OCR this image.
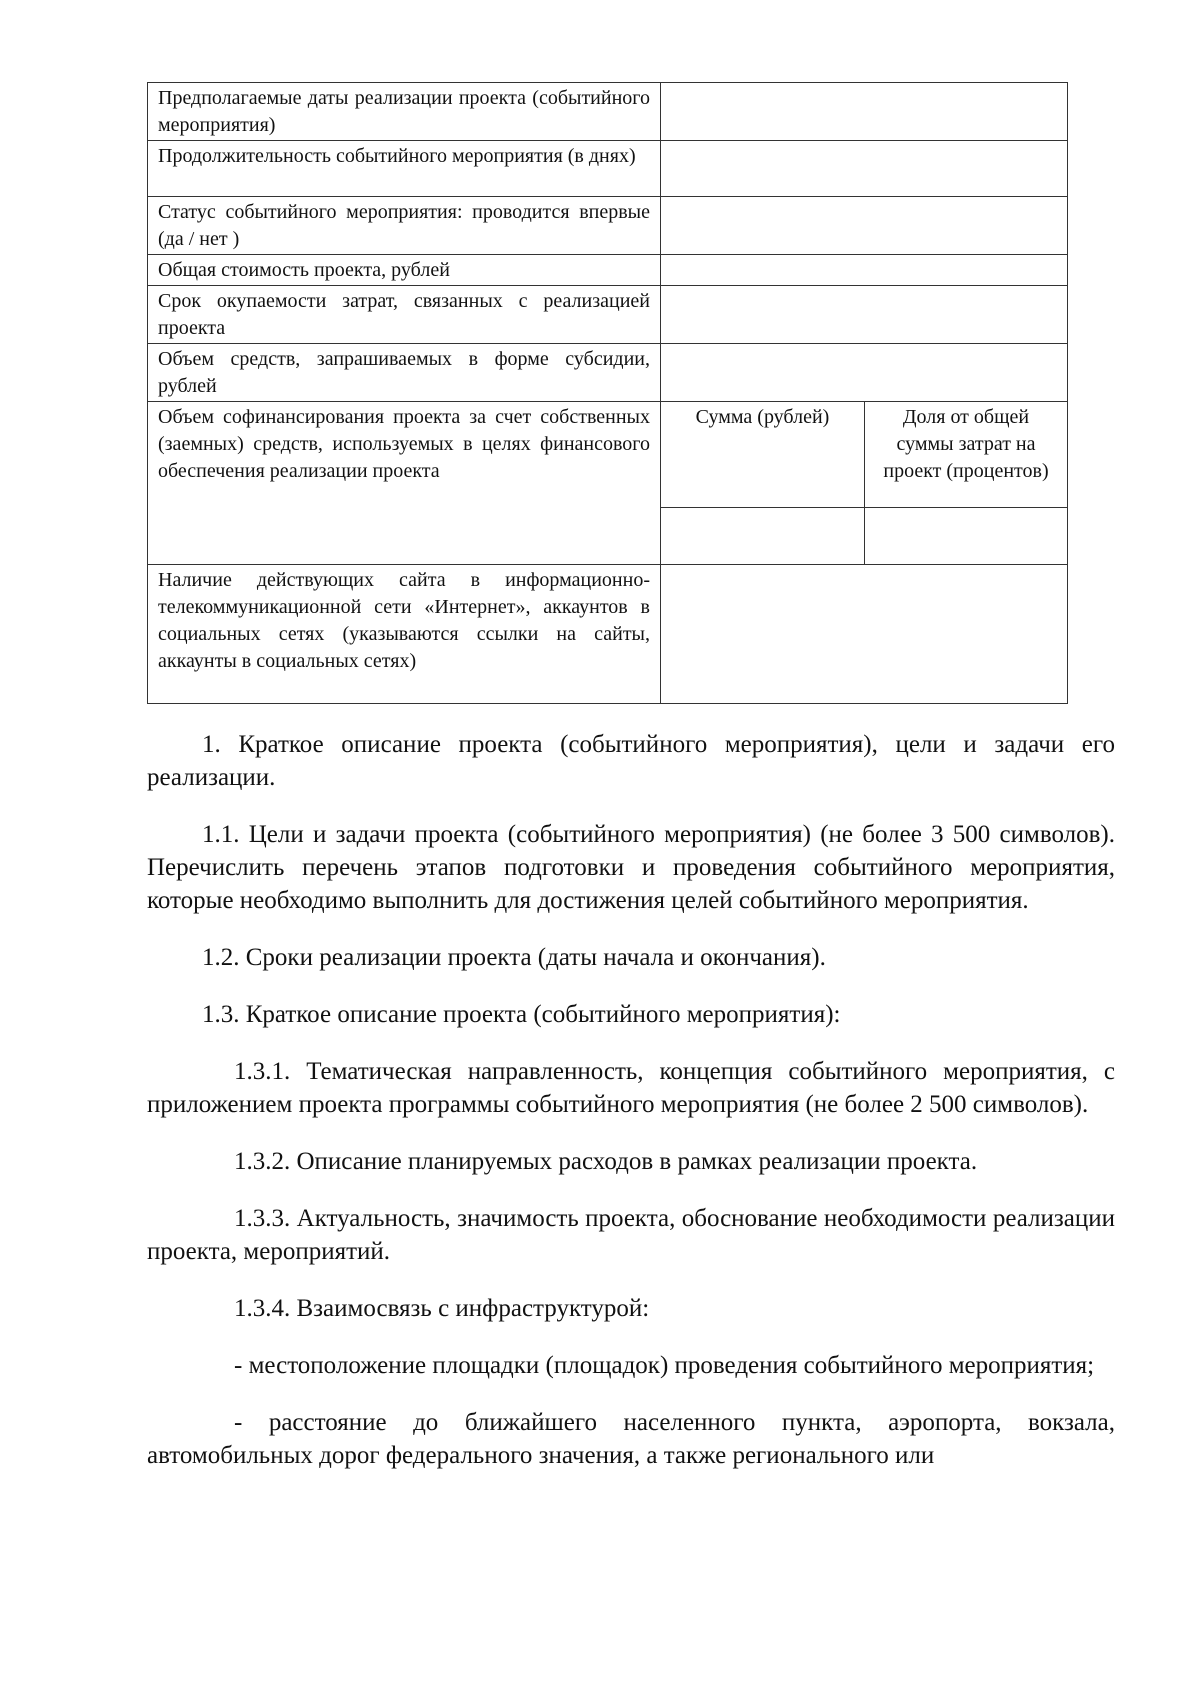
Предполагаемые даты реализации проекта (событийного мероприятия)		
Продолжительность событийного мероприятия (в днях)		
Статус событийного мероприятия: проводится впервые (да / нет )		
Общая стоимость проекта, рублей		
Срок окупаемости затрат, связанных с реализацией проекта		
Объем средств, запрашиваемых в форме субсидии, рублей		
Объем софинансирования проекта за счет собственных (заемных) средств, используемых в целях финансового обеспечения реализации проекта	Сумма (рублей)	Доля от общей суммы затрат на проект (процентов)

Наличие действующих сайта в информационно-телекоммуникационной сети «Интернет», аккаунтов в социальных сетях (указываются ссылки на сайты, аккаунты в социальных сетях)		

1. Краткое описание проекта (событийного мероприятия), цели и задачи его реализации.

1.1. Цели и задачи проекта (событийного мероприятия) (не более 3 500 символов). Перечислить перечень этапов подготовки и проведения событийного мероприятия, которые необходимо выполнить для достижения целей событийного мероприятия.

1.2. Сроки реализации проекта (даты начала и окончания).

1.3. Краткое описание проекта (событийного мероприятия):

1.3.1. Тематическая направленность, концепция событийного мероприятия, с приложением проекта программы событийного мероприятия (не более 2 500 символов).

1.3.2. Описание планируемых расходов в рамках реализации проекта.

1.3.3. Актуальность, значимость проекта, обоснование необходимости реализации проекта, мероприятий.

1.3.4. Взаимосвязь с инфраструктурой:

- местоположение площадки (площадок) проведения событийного мероприятия;

- расстояние до ближайшего населенного пункта, аэропорта, вокзала, автомобильных дорог федерального значения, а также регионального или
